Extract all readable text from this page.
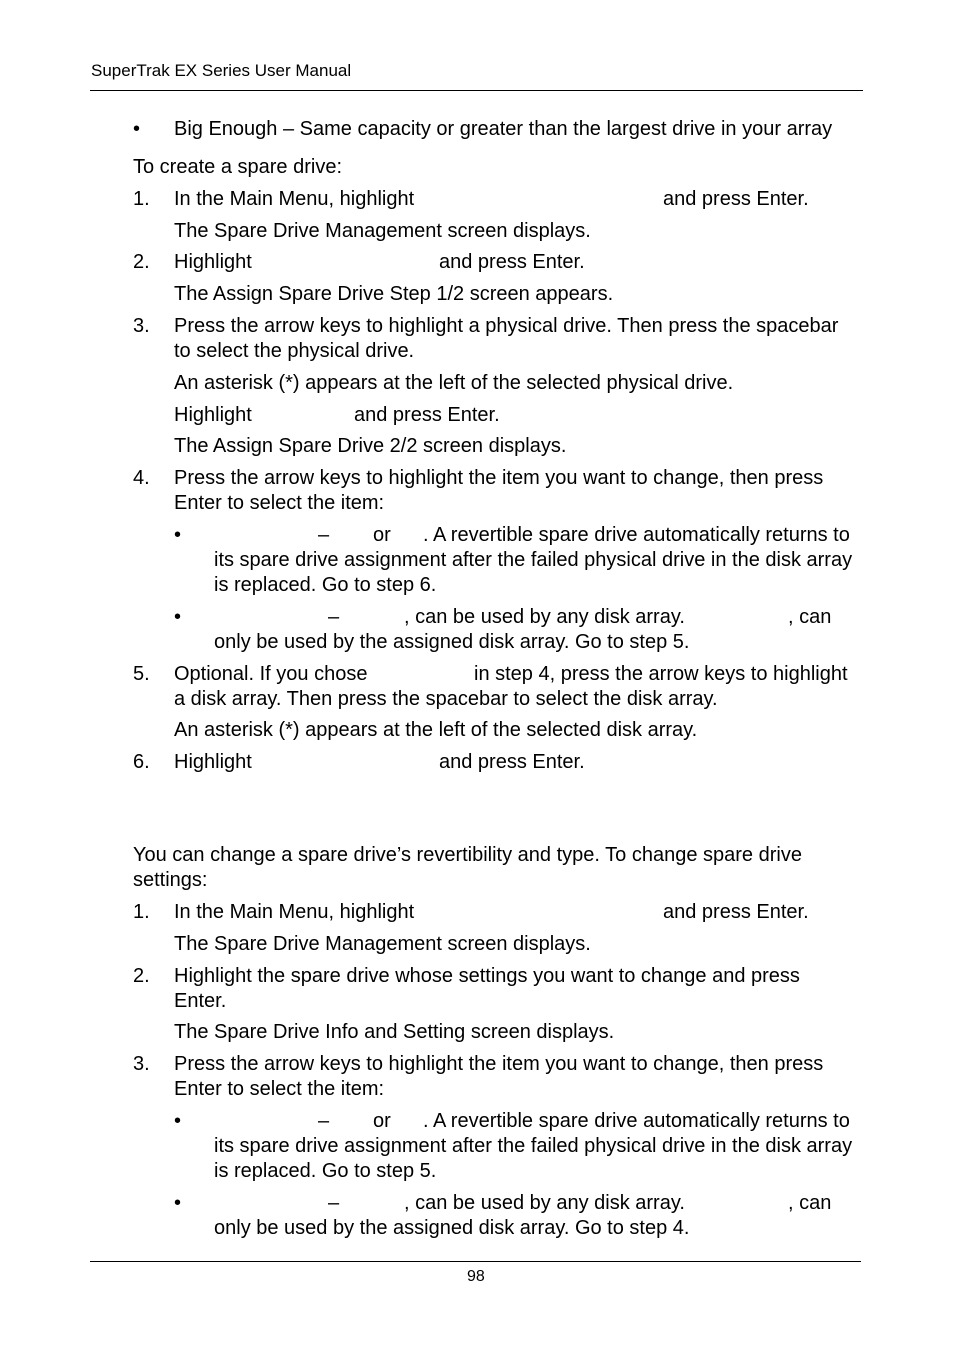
SuperTrak EX Series User Manual
• Big Enough – Same capacity or greater than the largest drive in your array
To create a spare drive:
1. In the Main Menu, highlight	and press Enter.
The Spare Drive Management screen displays.
2. Highlight	and press Enter.
The Assign Spare Drive Step 1/2 screen appears.
3. Press the arrow keys to highlight a physical drive. Then press the spacebar
to select the physical drive.
An asterisk (*) appears at the left of the selected physical drive.
Highlight	and press Enter.
The Assign Spare Drive 2/2 screen displays.
4. Press the arrow keys to highlight the item you want to change, then press
Enter to select the item:
•	– or . A revertible spare drive automatically returns to
its spare drive assignment after the failed physical drive in the disk array
is replaced. Go to step 6.
•	–	, can be used by any disk array.	, can
only be used by the assigned disk array. Go to step 5.
5. Optional. If you chose	in step 4, press the arrow keys to highlight
a disk array. Then press the spacebar to select the disk array.
An asterisk (*) appears at the left of the selected disk array.
6. Highlight	and press Enter.
You can change a spare drive’s revertibility and type. To change spare drive
settings:
1. In the Main Menu, highlight	and press Enter.
The Spare Drive Management screen displays.
2. Highlight the spare drive whose settings you want to change and press
Enter.
The Spare Drive Info and Setting screen displays.
3. Press the arrow keys to highlight the item you want to change, then press
Enter to select the item:
•	– or . A revertible spare drive automatically returns to
its spare drive assignment after the failed physical drive in the disk array
is replaced. Go to step 5.
•	–	, can be used by any disk array.	, can
only be used by the assigned disk array. Go to step 4.
98
